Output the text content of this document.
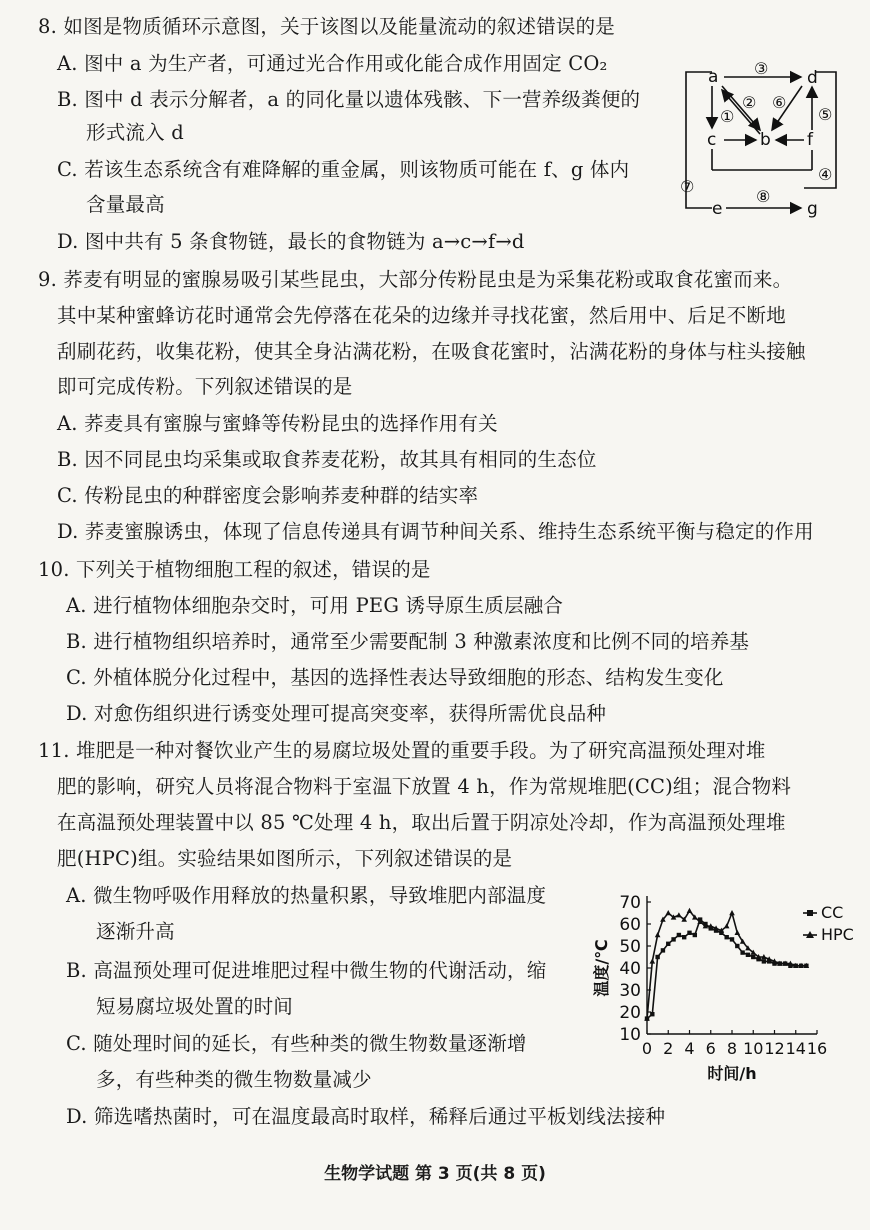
8. 如图是物质循环示意图，关于该图以及能量流动的叙述错误的是
A. 图中 a 为生产者，可通过光合作用或化能合成作用固定 CO₂
B. 图中 d 表示分解者，a 的同化量以遗体残骸、下一营养级粪便的
形式流入 d
C. 若该生态系统含有难降解的重金属，则该物质可能在 f、g 体内
含量最高
D. 图中共有 5 条食物链，最长的食物链为 a→c→f→d
a	d
c	b f
e	g
③
② ⑥
①	⑤
④
⑦
⑧
9. 荞麦有明显的蜜腺易吸引某些昆虫，大部分传粉昆虫是为采集花粉或取食花蜜而来。
其中某种蜜蜂访花时通常会先停落在花朵的边缘并寻找花蜜，然后用中、后足不断地
刮刷花药，收集花粉，使其全身沾满花粉，在吸食花蜜时，沾满花粉的身体与柱头接触
即可完成传粉。下列叙述错误的是
A. 荞麦具有蜜腺与蜜蜂等传粉昆虫的选择作用有关
B. 因不同昆虫均采集或取食荞麦花粉，故其具有相同的生态位
C. 传粉昆虫的种群密度会影响荞麦种群的结实率
D. 荞麦蜜腺诱虫，体现了信息传递具有调节种间关系、维持生态系统平衡与稳定的作用
10. 下列关于植物细胞工程的叙述，错误的是
A. 进行植物体细胞杂交时，可用 PEG 诱导原生质层融合
B. 进行植物组织培养时，通常至少需要配制 3 种激素浓度和比例不同的培养基
C. 外植体脱分化过程中，基因的选择性表达导致细胞的形态、结构发生变化
D. 对愈伤组织进行诱变处理可提高突变率，获得所需优良品种
11. 堆肥是一种对餐饮业产生的易腐垃圾处置的重要手段。为了研究高温预处理对堆
肥的影响，研究人员将混合物料于室温下放置 4 h，作为常规堆肥(CC)组；混合物料
在高温预处理装置中以 85 ℃处理 4 h，取出后置于阴凉处冷却，作为高温预处理堆
肥(HPC)组。实验结果如图所示，下列叙述错误的是
A. 微生物呼吸作用释放的热量积累，导致堆肥内部温度
逐渐升高
B. 高温预处理可促进堆肥过程中微生物的代谢活动，缩
短易腐垃圾处置的时间
C. 随处理时间的延长，有些种类的微生物数量逐渐增
多，有些种类的微生物数量减少
D. 筛选嗜热菌时，可在温度最高时取样，稀释后通过平板划线法接种
10
20
30
40
50
60
70
0 2 4 6 8 10 12 14 16
时间/h
温度/℃
CC
HPC
生物学试题 第 3 页(共 8 页)
